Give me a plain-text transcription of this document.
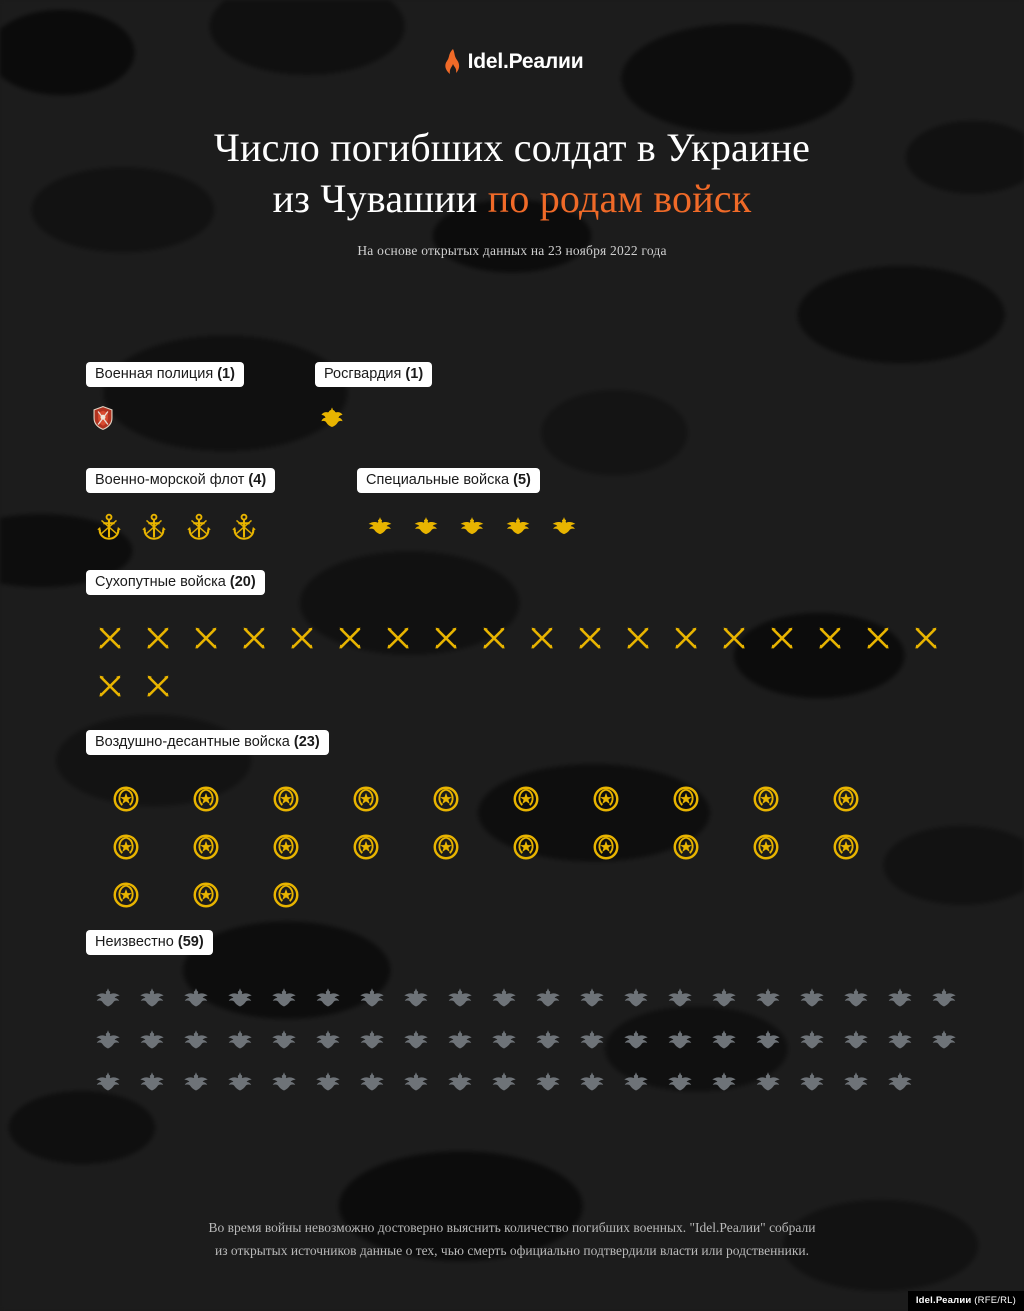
Idel.Реалии
Число погибших солдат в Украине
из Чувашии по родам войск
На основе открытых данных на 23 ноября 2022 года
Военная полиция (1)	Росгвардия (1)
Военно-морской флот (4)	Специальные войска (5)
Сухопутные войска (20)
Воздушно-десантные войска (23)
Неизвестно (59)
Во время войны невозможно достоверно выяснить количество погибших военных. "Idel.Реалии" собрали
из открытых источников данные о тех, чью смерть официально подтвердили власти или родственники.
Idel.Реалии (RFE/RL)
